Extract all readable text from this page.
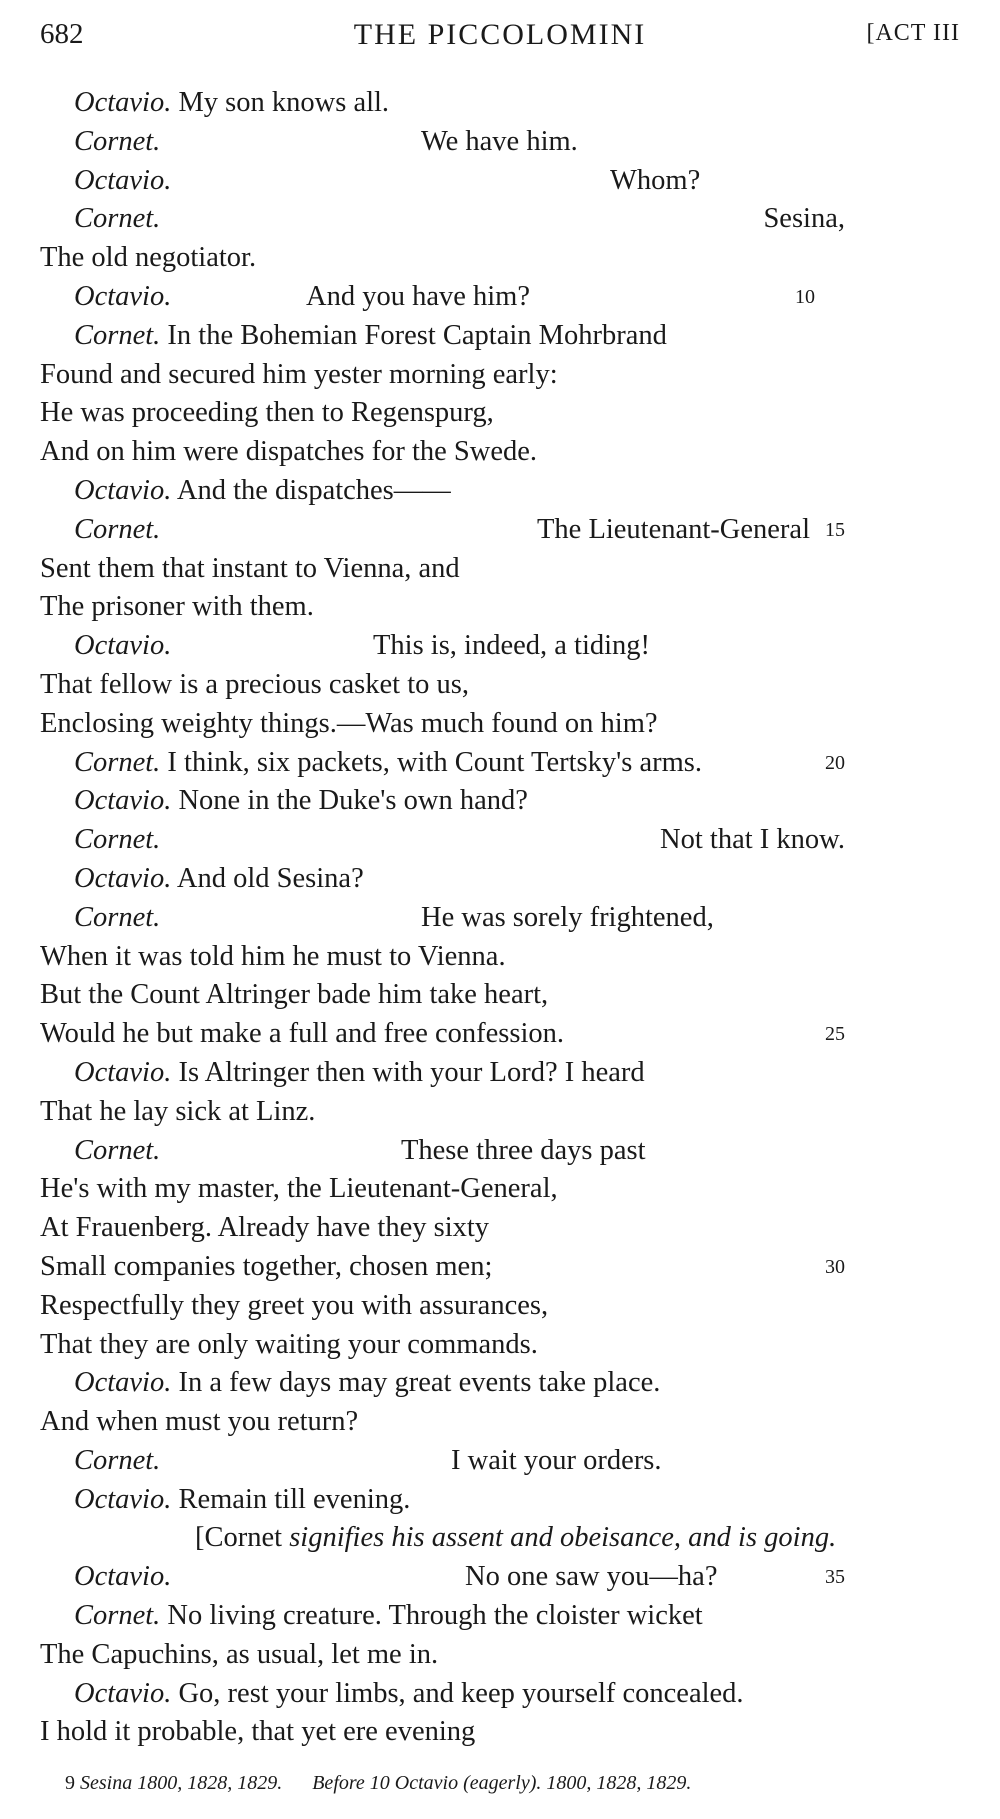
682	THE PICCOLOMINI	[ACT III
Octavio. My son knows all.
Cornet.	We have him.
Octavio.	Whom?
Cornet.	Sesina,
The old negotiator.
Octavio.	And you have him?	10
Cornet. In the Bohemian Forest Captain Mohrbrand
Found and secured him yester morning early:
He was proceeding then to Regenspurg,
And on him were dispatches for the Swede.
Octavio. And the dispatches——
Cornet.	The Lieutenant-General 15
Sent them that instant to Vienna, and
The prisoner with them.
Octavio.	This is, indeed, a tiding!
That fellow is a precious casket to us,
Enclosing weighty things.—Was much found on him?
Cornet. I think, six packets, with Count Tertsky's arms.	20
Octavio. None in the Duke's own hand?
Cornet.	Not that I know.
Octavio. And old Sesina?
Cornet.	He was sorely frightened,
When it was told him he must to Vienna.
But the Count Altringer bade him take heart,
Would he but make a full and free confession.	25
Octavio. Is Altringer then with your Lord? I heard
That he lay sick at Linz.
Cornet.	These three days past
He's with my master, the Lieutenant-General,
At Frauenberg. Already have they sixty
Small companies together, chosen men;	30
Respectfully they greet you with assurances,
That they are only waiting your commands.
Octavio. In a few days may great events take place.
And when must you return?
Cornet.	I wait your orders.
Octavio. Remain till evening.
[Cornet signifies his assent and obeisance, and is going.
Octavio.	No one saw you—ha?	35
Cornet. No living creature. Through the cloister wicket
The Capuchins, as usual, let me in.
Octavio. Go, rest your limbs, and keep yourself concealed.
I hold it probable, that yet ere evening
9 Sesina 1800, 1828, 1829. Before 10 Octavio (eagerly). 1800, 1828, 1829.
